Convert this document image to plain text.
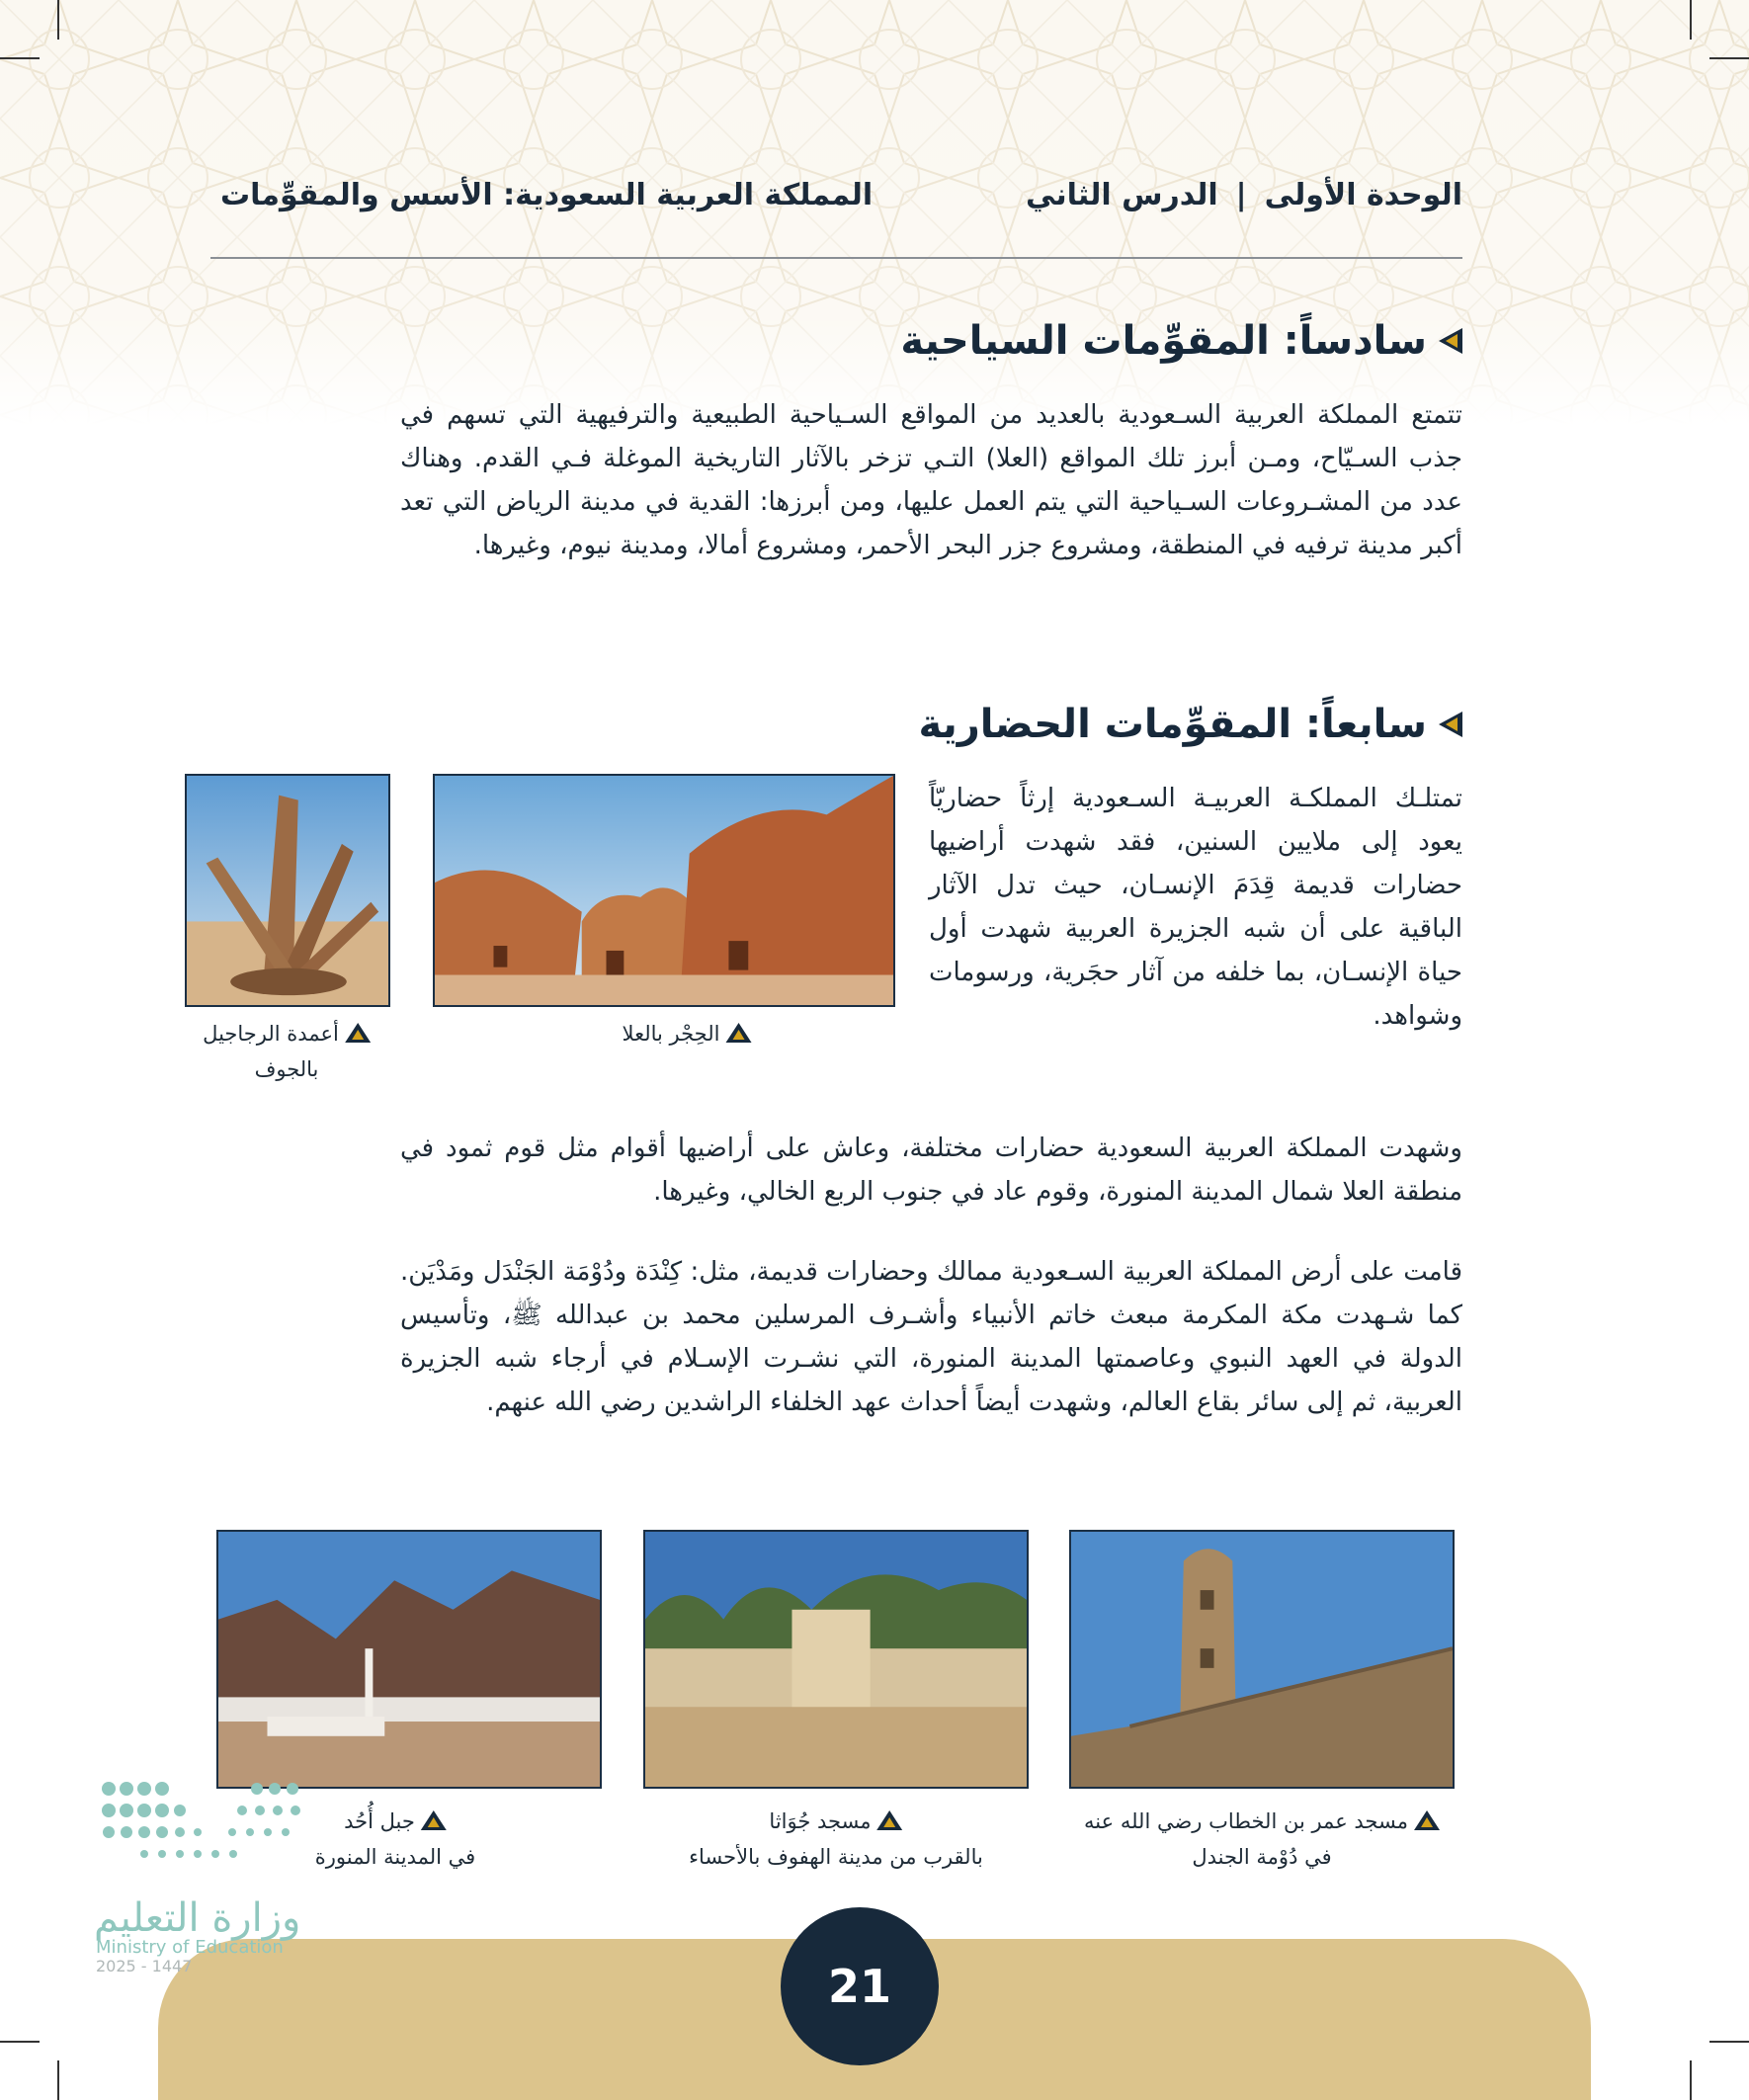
الوحدة الأولى|الدرس الثاني
المملكة العربية السعودية: الأسس والمقوِّمات
سادساً: المقوِّمات السياحية
تتمتع المملكة العربية السـعودية بالعديد من المواقع السـياحية الطبيعية والترفيهية التي تسهم في جذب السـيّاح، ومـن أبرز تلك المواقع (العلا) التـي تزخر بالآثار التاريخية الموغلة فـي القدم. وهناك عدد من المشـروعات السـياحية التي يتم العمل عليها، ومن أبرزها: القدية في مدينة الرياض التي تعد أكبر مدينة ترفيه في المنطقة، ومشروع جزر البحر الأحمر، ومشروع أمالا، ومدينة نيوم، وغيرها.
سابعاً: المقوِّمات الحضارية
تمتلـك المملكـة العربيـة السـعودية إرثاً حضاريّاً يعود إلى ملايين السنين، فقد شهدت أراضيها حضارات قديمة قِدَمَ الإنسـان، حيث تدل الآثار الباقية على أن شبه الجزيرة العربية شهدت أول حياة الإنسـان، بما خلفه من آثار حجَرية، ورسومات وشواهد.
الحِجْر بالعلا
أعمدة الرجاجيل
بالجوف
وشهدت المملكة العربية السعودية حضارات مختلفة، وعاش على أراضيها أقوام مثل قوم ثمود في منطقة العلا شمال المدينة المنورة، وقوم عاد في جنوب الربع الخالي، وغيرها.
قامت على أرض المملكة العربية السـعودية ممالك وحضارات قديمة، مثل: كِنْدَة ودُوْمَة الجَنْدَل ومَدْيَن. كما شـهدت مكة المكرمة مبعث خاتم الأنبياء وأشـرف المرسلين محمد بن عبدالله ﷺ، وتأسيس الدولة في العهد النبوي وعاصمتها المدينة المنورة، التي نشـرت الإسـلام في أرجاء شبه الجزيرة العربية، ثم إلى سائر بقاع العالم، وشهدت أيضاً أحداث عهد الخلفاء الراشدين رضي الله عنهم.
مسجد عمر بن الخطاب رضي الله عنه
في دُوْمة الجندل
مسجد جُوَاثا
بالقرب من مدينة الهفوف بالأحساء
جبل أُحُد
في المدينة المنورة
21
وزارة التعليم
Ministry of Education
2025 - 1447
